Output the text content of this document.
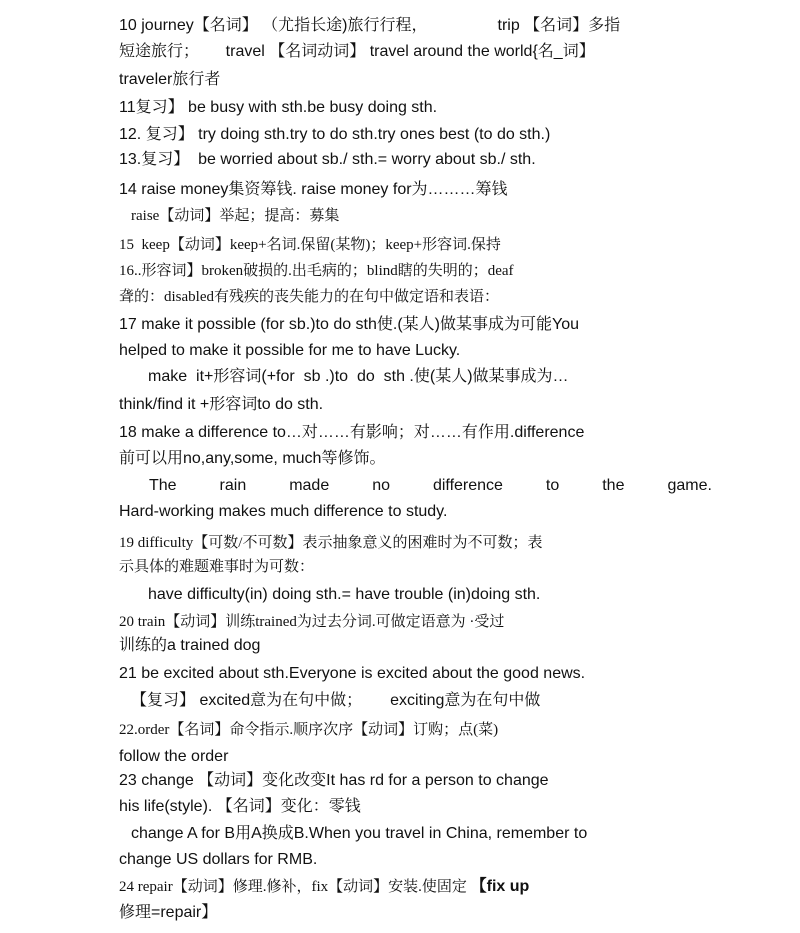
10 journey【名词】 （尤指长途)旅行行程，	trip 【名词】多指
短途旅行；      travel 【名词动词】 travel around the world{名_词】
traveler旅行者
11复习】 be busy with sth.be busy doing sth.
12. 复习】 try doing sth.try to do sth.try ones best (to do sth.)
13.复习】  be worried about sb./ sth.= worry about sb./ sth.
14 raise money集资筹钱. raise money for为………筹钱
raise【动词】举起；提高：募集
15  keep【动词】keep+名词.保留(某物)；keep+形容词.保持
16..形容词】broken破损的.出毛病的；blind瞎的失明的；deaf
聋的：disabled有残疾的丧失能力的在句中做定语和表语：
17 make it possible (for sb.)to do sth使.(某人)做某事成为可能You
helped to make it possible for me to have Lucky.
make  it+形容词(+for  sb .)to  do  sth .使(某人)做某事成为…
think/find it +形容词to do sth.
18 make a difference to…对……有影响；对……有作用.difference
前可以用no,any,some, much等修饰。
The	rain	made	no	difference	to	the	game.
Hard-working makes much difference to study.
19 difficulty【可数/不可数】表示抽象意义的困难时为不可数；表
示具体的难题难事时为可数：
have difficulty(in) doing sth.= have trouble (in)doing sth.
20 train【动词】训练trained为过去分词.可做定语意为 ·受过
训练的a trained dog
21 be excited about sth.Everyone is excited about the good news.
【复习】 excited意为在句中做； exciting意为在句中做
22.order【名词】命令指示.顺序次序【动词】订购；点(菜)
follow the order
23 change 【动词】变化改变It has rd for a person to change
his life(style). 【名词】变化：零钱
change A for B用A换成B.When you travel in China, remember to
change US dollars for RMB.
24 repair【动词】修理.修补，fix【动词】安装.使固定 【fix up
修理=repair】
